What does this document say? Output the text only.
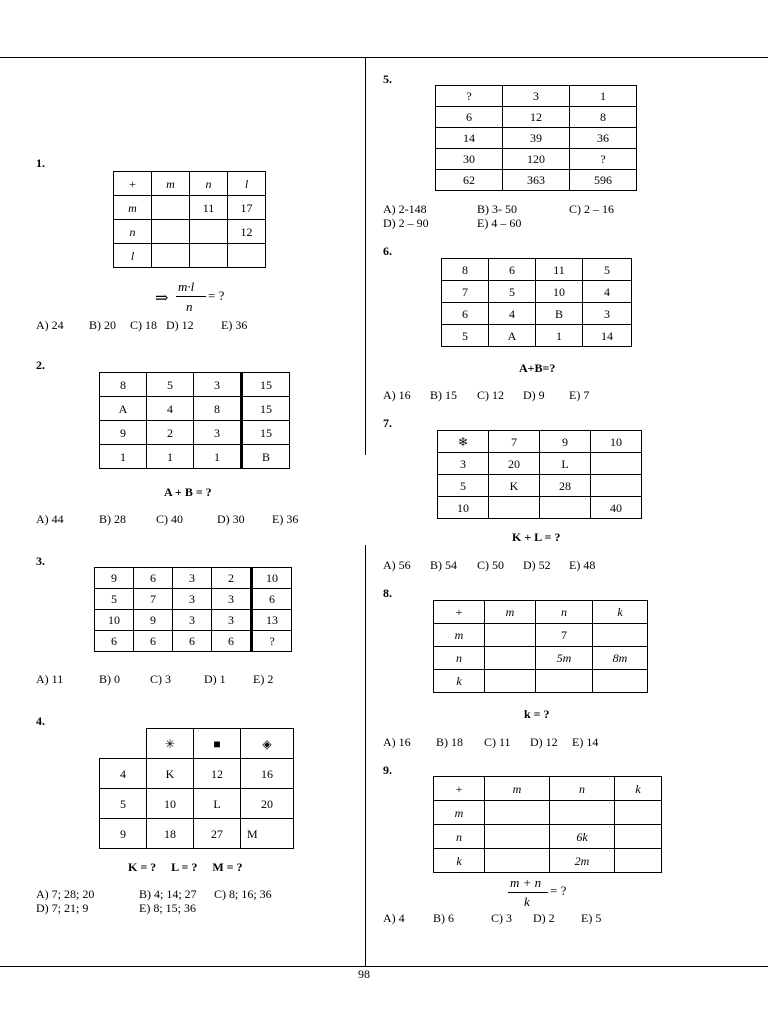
98
1.
+	m	n	l
m		11	17
n			12
l			
⇒
m·l
n
= ?
A) 24 B) 20 C) 18 D) 12 E) 36
2.
8	5	3	15
A	4	8	15
9	2	3	15
1	1	1	B
A + B = ?
A) 44	B) 28	C) 40	D) 30 E) 36
3.
9	6	3	2	10
5	7	3	3	6
10	9	3	3	13
6	6	6	6	?
A) 11	B) 0	C) 3	D) 1 E) 2
4.
	✳	■	◈
4	K	12	16
5	10	L	20
9	18	27	M
K = ?     L = ?     M = ?
A) 7; 28; 20	B) 4; 14; 27 C) 8; 16; 36
D) 7; 21; 9	E) 8; 15; 36
5.
?	3	1
6	12	8
14	39	36
30	120	?
62	363	596
A) 2-148	B) 3- 50	C) 2 – 16
D) 2 – 90	E) 4 – 60
6.
8	6	11	5
7	5	10	4
6	4	B	3
5	A	1	14
A+B=?
A) 16 B) 15 C) 12 D) 9 E) 7
7.
❄	7	9	10
3	20	L	
5	K	28	
10			40
K + L = ?
A) 56 B) 54 C) 50 D) 52 E) 48
8.
+	m	n	k
m		7	
n		5m	8m
k			
k = ?
A) 16 B) 18 C) 11 D) 12 E) 14
9.
+	m	n	k
m			
n		6k	
k		2m	
m + n
k
= ?
A) 4 B) 6	C) 3 D) 2 E) 5
